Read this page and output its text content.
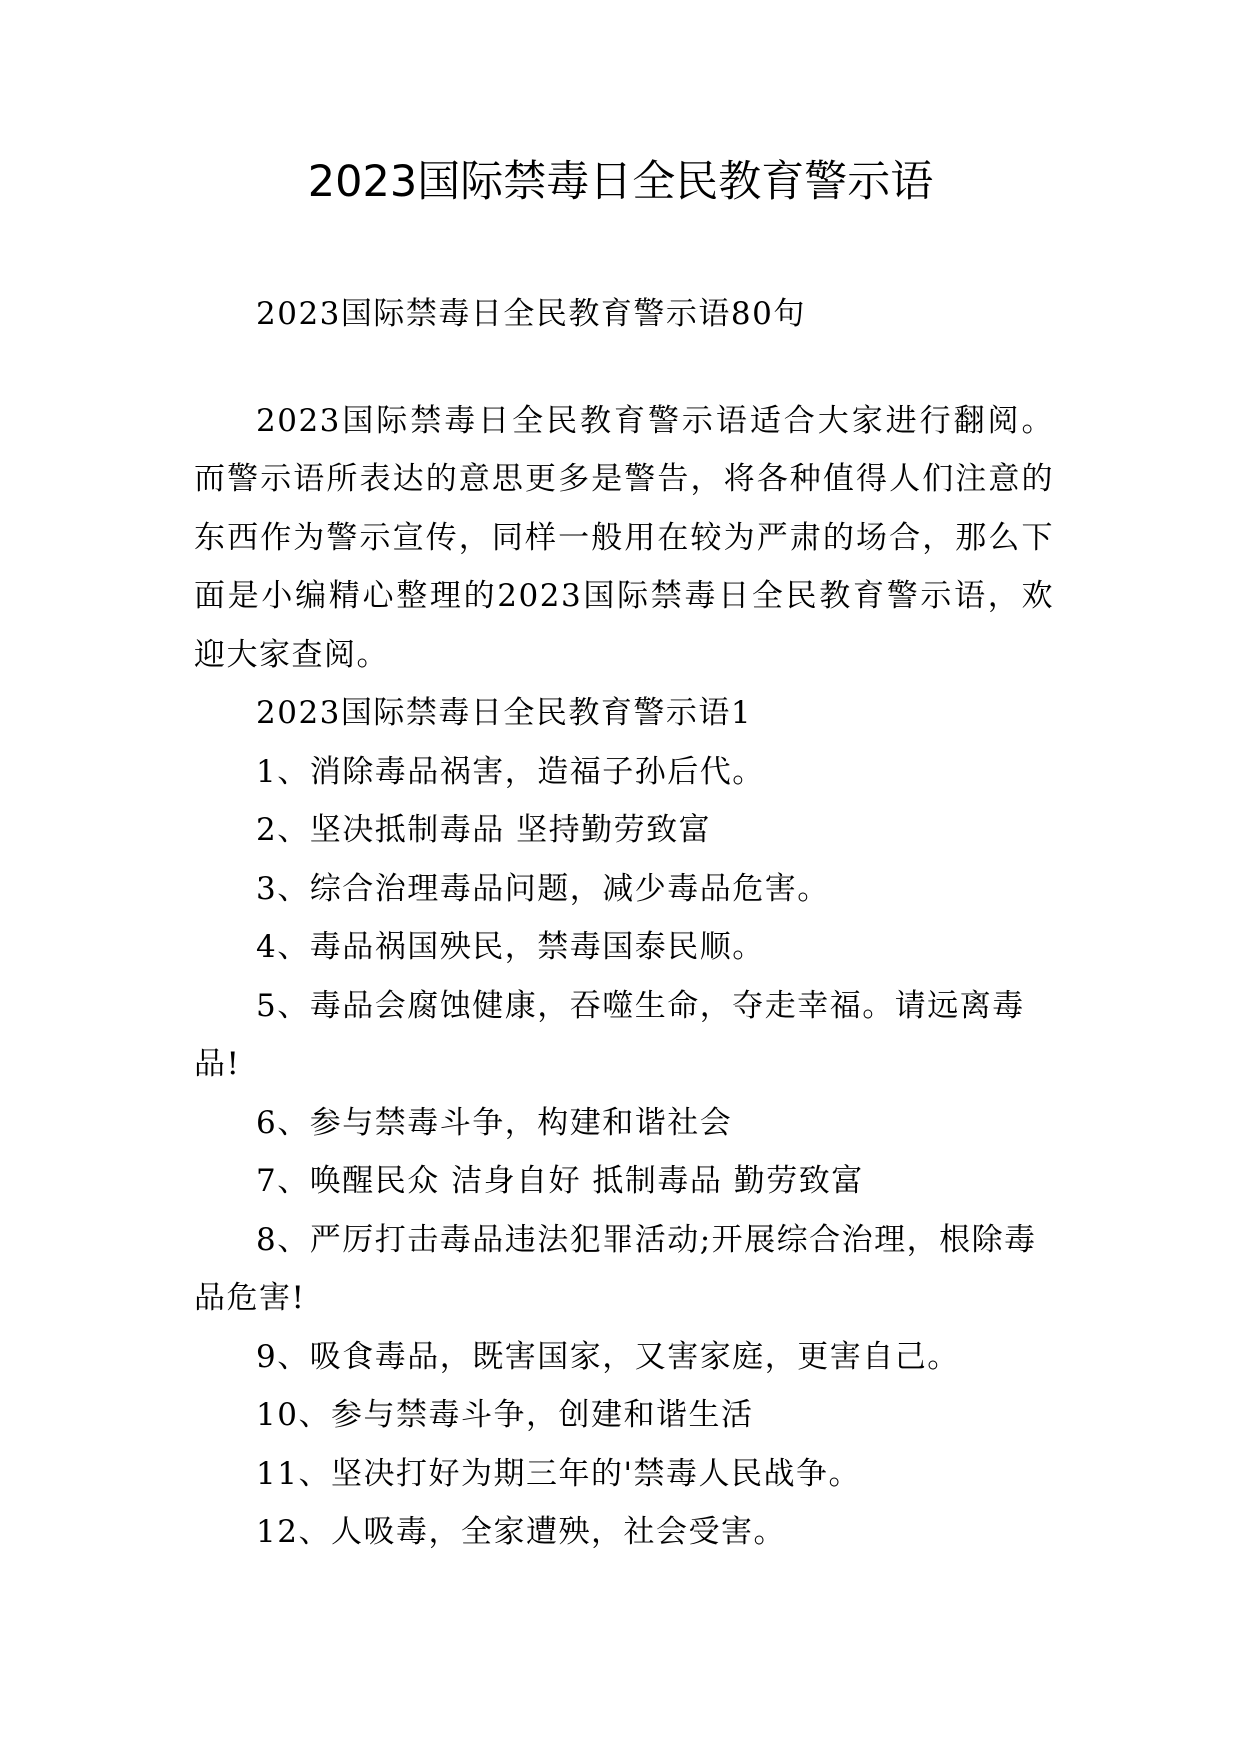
2023国际禁毒日全民教育警示语

2023国际禁毒日全民教育警示语80句

2023国际禁毒日全民教育警示语适合大家进行翻阅。而警示语所表达的意思更多是警告，将各种值得人们注意的东西作为警示宣传，同样一般用在较为严肃的场合，那么下面是小编精心整理的2023国际禁毒日全民教育警示语，欢迎大家查阅。

2023国际禁毒日全民教育警示语1

1、消除毒品祸害，造福子孙后代。

2、坚决抵制毒品 坚持勤劳致富

3、综合治理毒品问题，减少毒品危害。

4、毒品祸国殃民，禁毒国泰民顺。

5、毒品会腐蚀健康，吞噬生命，夺走幸福。请远离毒品!

6、参与禁毒斗争，构建和谐社会

7、唤醒民众 洁身自好 抵制毒品 勤劳致富

8、严厉打击毒品违法犯罪活动;开展综合治理，根除毒品危害!

9、吸食毒品，既害国家，又害家庭，更害自己。

10、参与禁毒斗争，创建和谐生活

11、坚决打好为期三年的'禁毒人民战争。

12、人吸毒，全家遭殃，社会受害。
